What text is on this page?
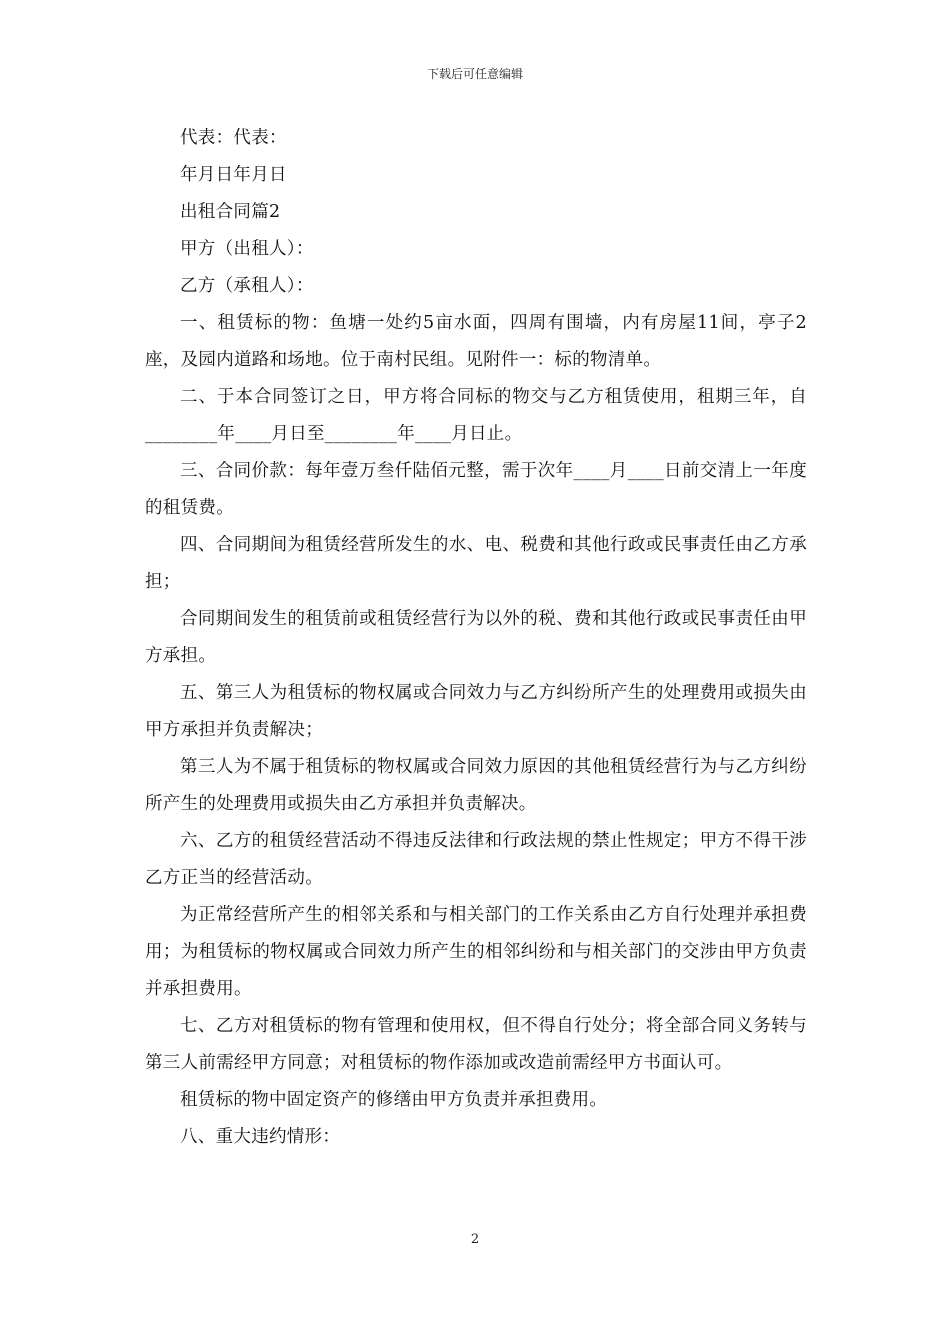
下载后可任意编辑

代表：代表：

年月日年月日

出租合同篇2

甲方（出租人）：

乙方（承租人）：

一、租赁标的物：鱼塘一处约5亩水面，四周有围墙，内有房屋11间，亭子2座，及园内道路和场地。位于南村民组。见附件一：标的物清单。

二、于本合同签订之日，甲方将合同标的物交与乙方租赁使用，租期三年，自________年____月日至________年____月日止。

三、合同价款：每年壹万叁仟陆佰元整，需于次年____月____日前交清上一年度的租赁费。

四、合同期间为租赁经营所发生的水、电、税费和其他行政或民事责任由乙方承担；

合同期间发生的租赁前或租赁经营行为以外的税、费和其他行政或民事责任由甲方承担。

五、第三人为租赁标的物权属或合同效力与乙方纠纷所产生的处理费用或损失由甲方承担并负责解决；

第三人为不属于租赁标的物权属或合同效力原因的其他租赁经营行为与乙方纠纷所产生的处理费用或损失由乙方承担并负责解决。

六、乙方的租赁经营活动不得违反法律和行政法规的禁止性规定；甲方不得干涉乙方正当的经营活动。

为正常经营所产生的相邻关系和与相关部门的工作关系由乙方自行处理并承担费用；为租赁标的物权属或合同效力所产生的相邻纠纷和与相关部门的交涉由甲方负责并承担费用。

七、乙方对租赁标的物有管理和使用权，但不得自行处分；将全部合同义务转与第三人前需经甲方同意；对租赁标的物作添加或改造前需经甲方书面认可。

租赁标的物中固定资产的修缮由甲方负责并承担费用。

八、重大违约情形：

2
